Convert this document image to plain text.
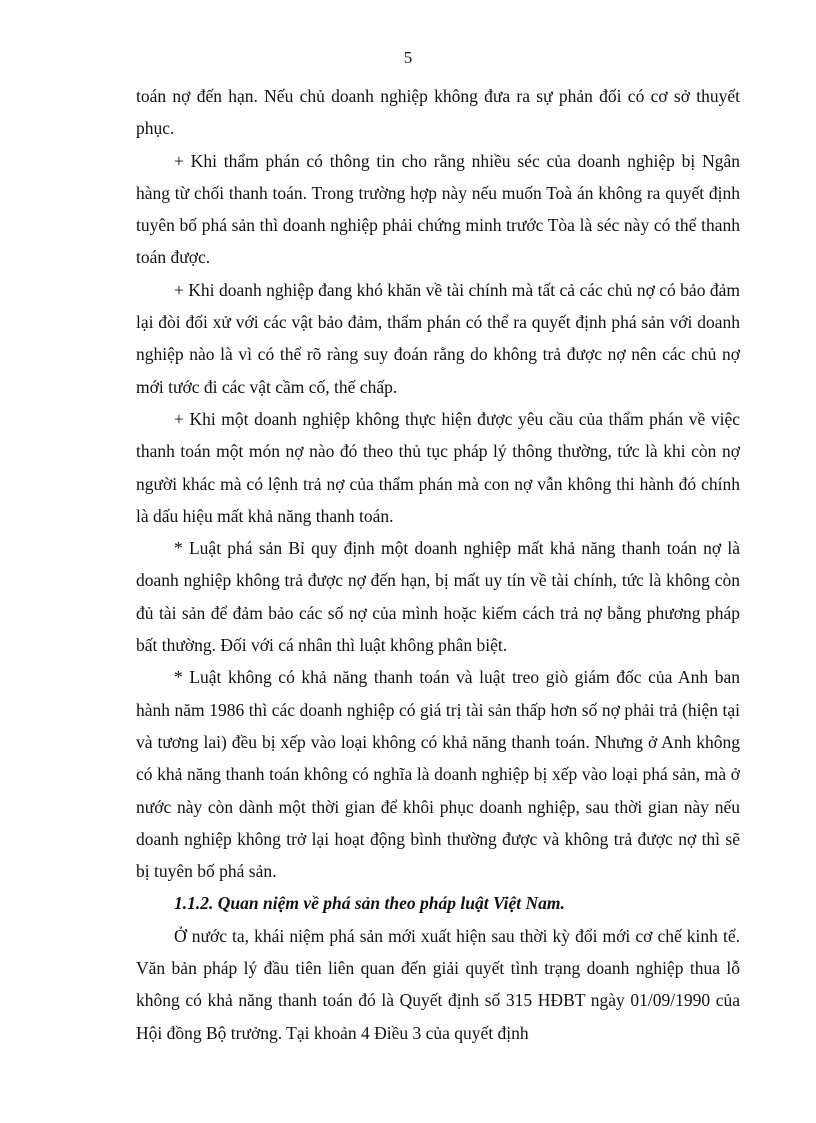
5

toán nợ đến hạn. Nếu chủ doanh nghiệp không đưa ra sự phản đối có cơ sở thuyết phục.

+ Khi thẩm phán có thông tin cho rằng nhiều séc của doanh nghiệp bị Ngân hàng từ chối thanh toán. Trong trường hợp này nếu muốn Toà án không ra quyết định tuyên bố phá sản thì doanh nghiệp phải chứng minh trước Tòa là séc này có thể thanh toán được.

+ Khi doanh nghiệp đang khó khăn về tài chính mà tất cả các chủ nợ có bảo đảm lại đòi đối xử với các vật bảo đảm, thẩm phán có thể ra quyết định phá sản với doanh nghiệp nào là vì có thể rõ ràng suy đoán rằng do không trả được nợ nên các chủ nợ mới tước đi các vật cầm cố, thế chấp.

+ Khi một doanh nghiệp không thực hiện được yêu cầu của thẩm phán về việc thanh toán một món nợ nào đó theo thủ tục pháp lý thông thường, tức là khi còn nợ người khác mà có lệnh trả nợ của thẩm phán mà con nợ vẫn không thi hành đó chính là dấu hiệu mất khả năng thanh toán.

* Luật phá sản Bỉ quy định một doanh nghiệp mất khả năng thanh toán nợ là doanh nghiệp không trả được nợ đến hạn, bị mất uy tín về tài chính, tức là không còn đủ tài sản để đảm bảo các số nợ của mình hoặc kiếm cách trả nợ bằng phương pháp bất thường. Đối với cá nhân thì luật không phân biệt.

* Luật không có khả năng thanh toán và luật treo giò giám đốc của Anh ban hành năm 1986 thì các doanh nghiệp có giá trị tài sản thấp hơn số nợ phải trả (hiện tại và tương lai) đều bị xếp vào loại không có khả năng thanh toán. Nhưng ở Anh không có khả năng thanh toán không có nghĩa là doanh nghiệp bị xếp vào loại phá sản, mà ở nước này còn dành một thời gian để khôi phục doanh nghiệp, sau thời gian này nếu doanh nghiệp không trở lại hoạt động bình thường được và không trả được nợ thì sẽ bị tuyên bố phá sản.

1.1.2. Quan niệm về phá sản theo pháp luật Việt Nam.

Ở nước ta, khái niệm phá sản mới xuất hiện sau thời kỳ đổi mới cơ chế kinh tế. Văn bản pháp lý đầu tiên liên quan đến giải quyết tình trạng doanh nghiệp thua lỗ không có khả năng thanh toán đó là Quyết định số 315 HĐBT ngày 01/09/1990 của Hội đồng Bộ trưởng. Tại khoản 4 Điều 3 của quyết định
